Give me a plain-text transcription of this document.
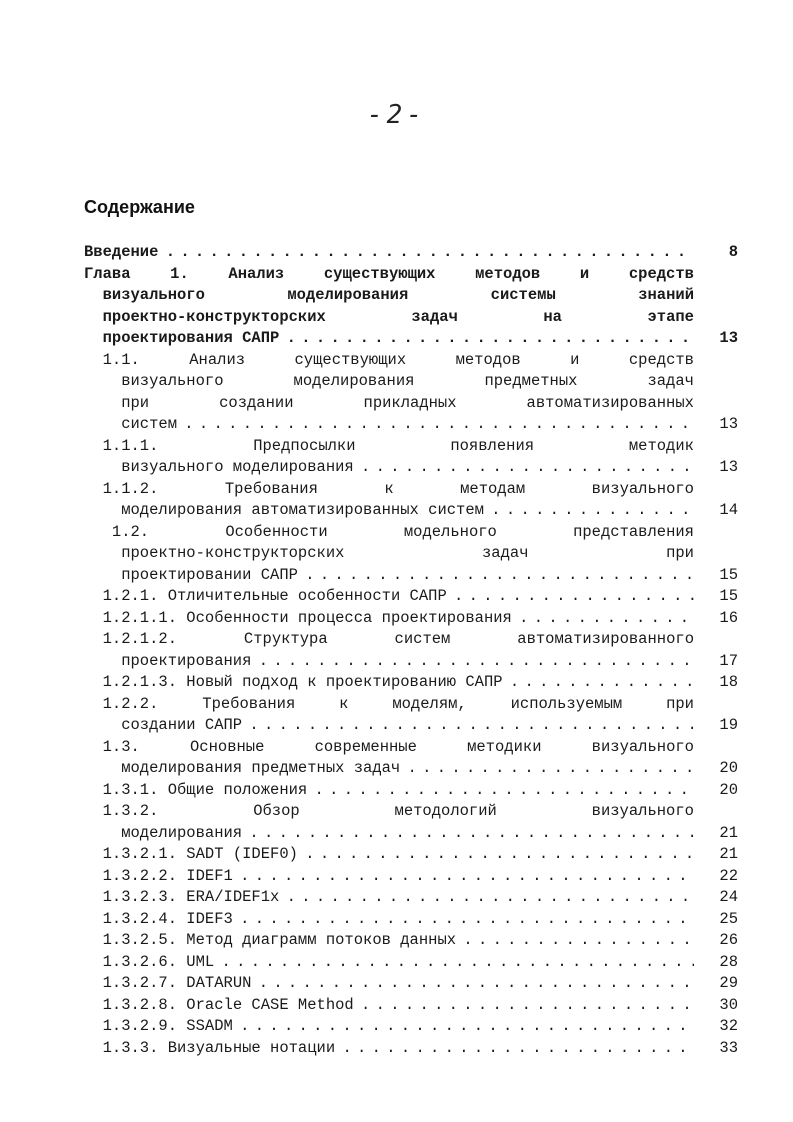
-2-
Содержание
Введение . . .	8
Глава	1.	Анализ	существующих	методов	и	средств
визуального	моделирования	системы	знаний
проектно-конструкторских	задач	на	этапе
проектирования САПР . . .	13
1.1.	Анализ	существующих	методов	и	средств
визуального	моделирования	предметных	задач
при	создании	прикладных	автоматизированных
систем . . .	13
1.1.1.	Предпосылки	появления	методик
визуального моделирования . . .	13
1.1.2.	Требования	к	методам	визуального
моделирования автоматизированных систем . . .	14
1.2.	Особенности	модельного	представления
проектно-конструкторских	задач	при
проектировании САПР . . .	15
1.2.1. Отличительные особенности САПР . . .	15
1.2.1.1. Особенности процесса проектирования . . .	16
1.2.1.2.	Структура	систем	автоматизированного
проектирования . . .	17
1.2.1.3. Новый подход к проектированию САПР . . .	18
1.2.2.	Требования	к	моделям,	используемым	при
создании САПР . . .	19
1.3.	Основные	современные	методики	визуального
моделирования предметных задач . . .	20
1.3.1. Общие положения . . .	20
1.3.2.	Обзор	методологий	визуального
моделирования . . .	21
1.3.2.1. SADT (IDEF0) . . .	21
1.3.2.2. IDEF1 . . .	22
1.3.2.3. ERA/IDEF1x . . .	24
1.3.2.4. IDEF3 . . .	25
1.3.2.5. Метод диаграмм потоков данных . . .	26
1.3.2.6. UML . . .	28
1.3.2.7. DATARUN . . .	29
1.3.2.8. Oracle CASE Method . . .	30
1.3.2.9. SSADM . . .	32
1.3.3. Визуальные нотации . . .	33
